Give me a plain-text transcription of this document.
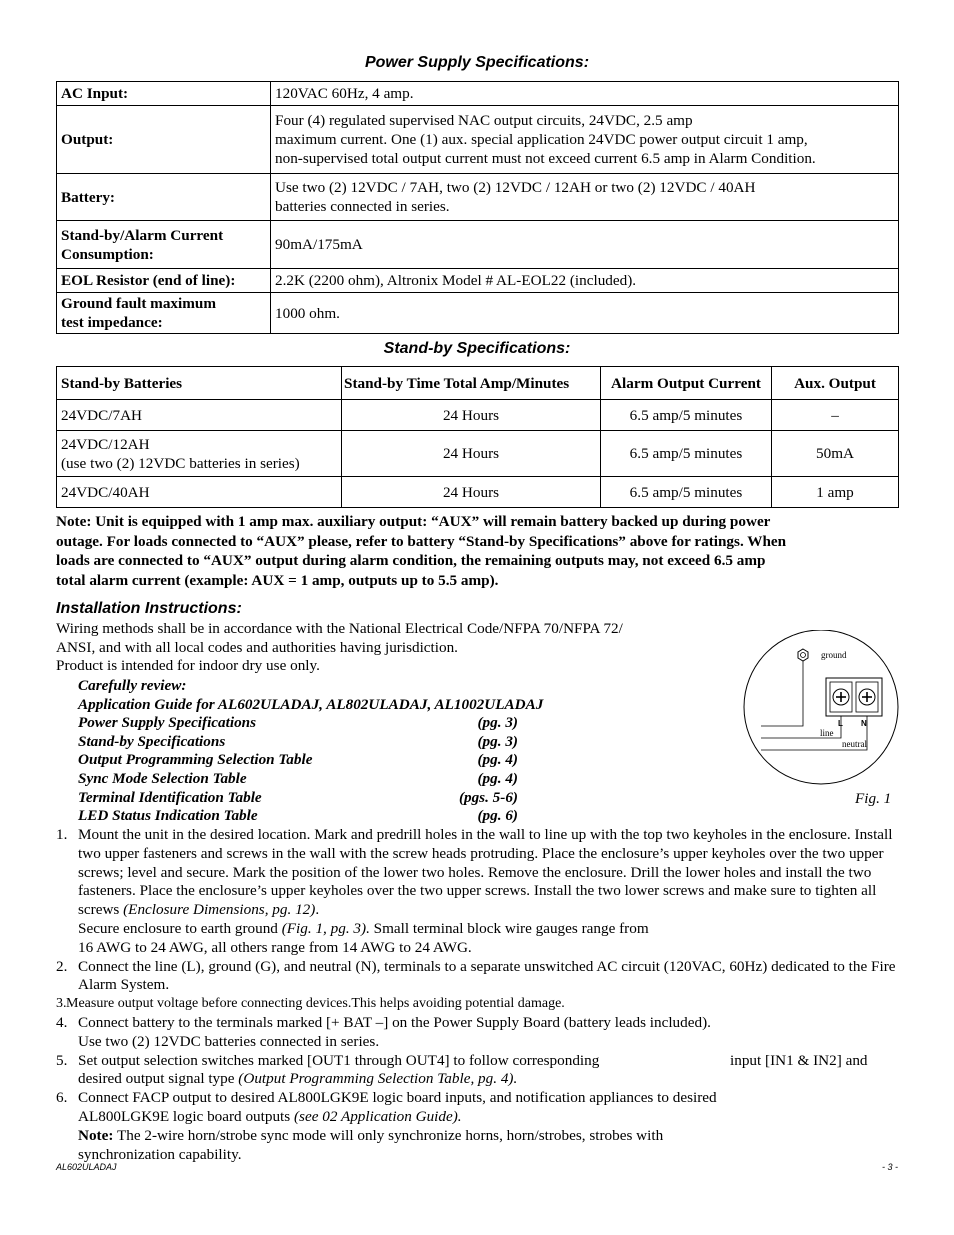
Power Supply Specifications:
AC Input:	120VAC 60Hz, 4 amp.
Output:	Four (4) regulated supervised NAC output circuits, 24VDC, 2.5 amp
maximum current. One (1) aux. special application 24VDC power output circuit 1 amp,
non-supervised total output current must not exceed current 6.5 amp in Alarm Condition.

Battery:	Use two (2) 12VDC / 7AH, two (2) 12VDC / 12AH or two (2) 12VDC / 40AH
batteries connected in series.

Stand-by/Alarm Current
Consumption:	90mA/175mA
EOL Resistor (end of line):	2.2K (2200 ohm), Altronix Model # AL-EOL22 (included).

Ground fault maximum
test impedance:	1000 ohm.
Stand-by Specifications:
Stand-by Batteries	Stand-by Time Total Amp/Minutes	Alarm Output Current	Aux. Output
24VDC/7AH	24 Hours	6.5 amp/5 minutes	–

24VDC/12AH
(use two (2) 12VDC batteries in series)	24 Hours	6.5 amp/5 minutes	50mA
24VDC/40AH	24 Hours	6.5 amp/5 minutes	1 amp
Note: Unit is equipped with 1 amp max. auxiliary output: “AUX” will remain battery backed up during power
outage. For loads connected to “AUX” please, refer to battery “Stand-by Specifications” above for ratings. When
loads are connected to “AUX” output during alarm condition, the remaining outputs may, not exceed 6.5 amp
total alarm current (example: AUX = 1 amp, outputs up to 5.5 amp).
Installation Instructions:
Wiring methods shall be in accordance with the National Electrical Code/NFPA 70/NFPA 72/
ANSI, and with all local codes and authorities having jurisdiction.
Product is intended for indoor dry use only.
Carefully review:
Application Guide for AL602ULADAJ, AL802ULADAJ, AL1002ULADAJ
Power Supply Specifications	(pg. 3)
Stand-by Specifications	(pg. 3)
Output Programming Selection Table	(pg. 4)
Sync Mode Selection Table	(pg. 4)
Terminal Identification Table	(pgs. 5-6)
LED Status Indication Table	(pg. 6)
ground
L N
line
neutral
Fig. 1
1. Mount the unit in the desired location. Mark and predrill holes in the wall to line up with the top two keyholes in the enclosure. Install two upper fasteners and screws in the wall with the screw heads protruding. Place the enclosure’s upper keyholes over the two upper screws; level and secure. Mark the position of the lower two holes. Remove the enclosure. Drill the lower holes and install the two fasteners. Place the enclosure’s upper keyholes over the two upper screws. Install the two lower screws and make sure to tighten all screws (Enclosure Dimensions, pg. 12).
Secure enclosure to earth ground (Fig. 1, pg. 3). Small terminal block wire gauges range from
16 AWG to 24 AWG, all others range from 14 AWG to 24 AWG.
2. Connect the line (L), ground (G), and neutral (N), terminals to a separate unswitched AC circuit (120VAC, 60Hz) dedicated to the Fire Alarm System.
3. Measure output voltage before connecting devices.This helps avoiding potential damage.
4. Connect battery to the terminals marked [+ BAT –] on the Power Supply Board (battery leads included).
Use two (2) 12VDC batteries connected in series.
5. Set output selection switches marked [OUT1 through OUT4] to follow corresponding	input [IN1 & IN2] and
desired output signal type (Output Programming Selection Table, pg. 4).
6. Connect FACP output to desired AL800LGK9E logic board inputs, and notification appliances to desired
AL800LGK9E logic board outputs (see 02 Application Guide).
Note: The 2-wire horn/strobe sync mode will only synchronize horns, horn/strobes, strobes with
synchronization capability.
AL602ULADAJ	- 3 -
